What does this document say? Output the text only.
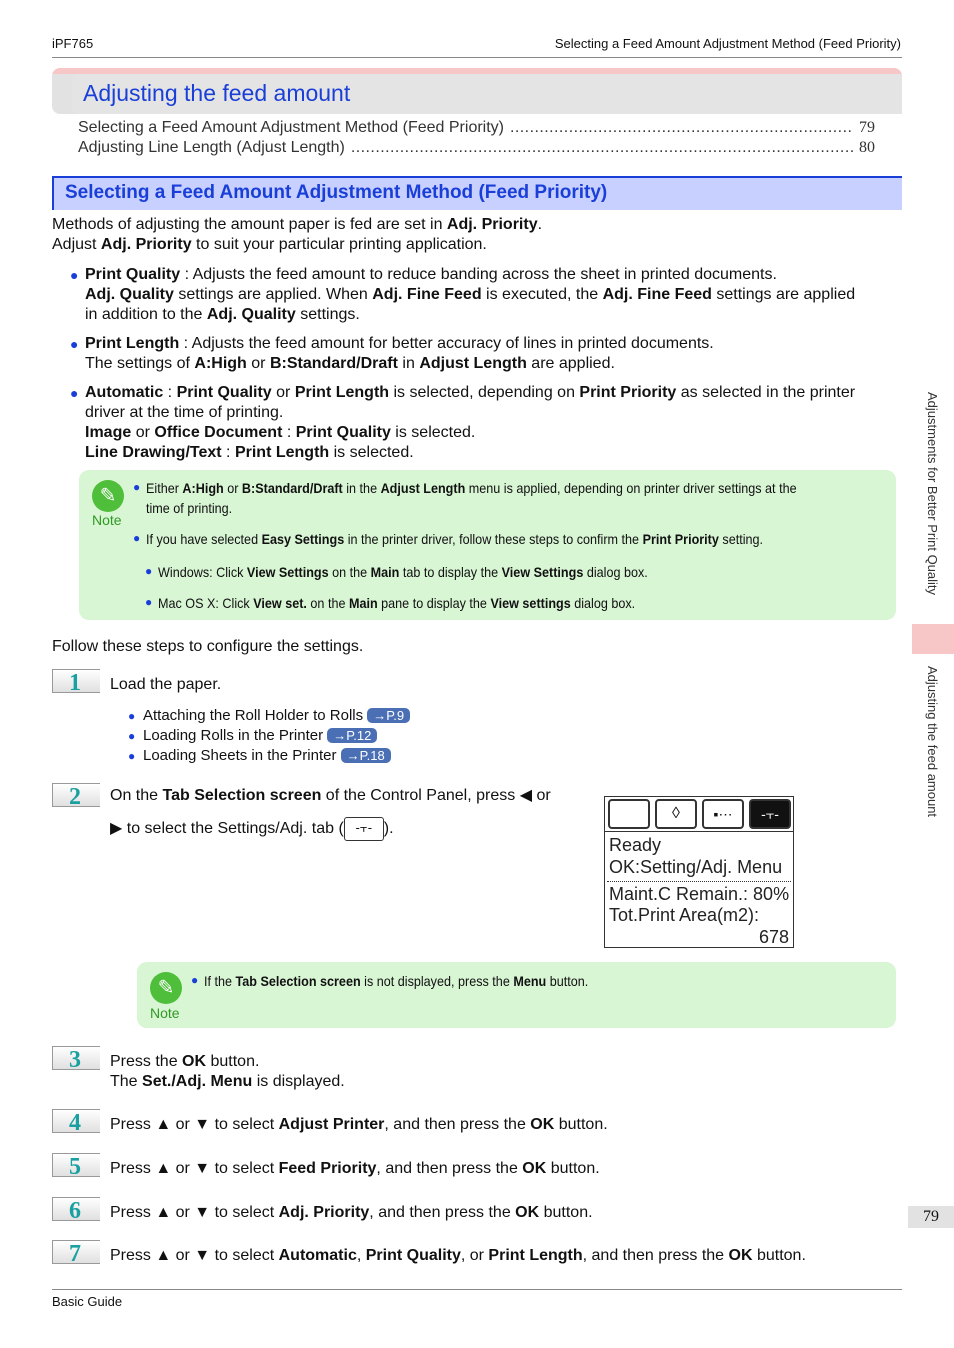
iPF765	Selecting a Feed Amount Adjustment Method (Feed Priority)
Adjusting the feed amount
Selecting a Feed Amount Adjustment Method (Feed Priority) . . .	79
Adjusting Line Length (Adjust Length) . . .	80
Selecting a Feed Amount Adjustment Method (Feed Priority)
Methods of adjusting the amount paper is fed are set in Adj. Priority.
Adjust Adj. Priority to suit your particular printing application.
● Print Quality : Adjusts the feed amount to reduce banding across the sheet in printed documents.
Adj. Quality settings are applied. When Adj. Fine Feed is executed, the Adj. Fine Feed settings are applied
in addition to the Adj. Quality settings.
● Print Length : Adjusts the feed amount for better accuracy of lines in printed documents.
The settings of A:High or B:Standard/Draft in Adjust Length are applied.
● Automatic : Print Quality or Print Length is selected, depending on Print Priority as selected in the printer
driver at the time of printing.
Image or Office Document : Print Quality is selected.
Line Drawing/Text : Print Length is selected.
✎
Note
● Either A:High or B:Standard/Draft in the Adjust Length menu is applied, depending on printer driver settings at the
time of printing.
● If you have selected Easy Settings in the printer driver, follow these steps to confirm the Print Priority setting.
● Windows: Click View Settings on the Main tab to display the View Settings dialog box.
● Mac OS X: Click View set. on the Main pane to display the View settings dialog box.
Follow these steps to configure the settings.
1	Load the paper.
● Attaching the Roll Holder to Rolls →P.9
● Loading Rolls in the Printer →P.12
● Loading Sheets in the Printer →P.18
2	On the Tab Selection screen of the Control Panel, press ◀ or
▶ to select the Settings/Adj. tab ( -⫟- ).
◊	▪⋯	-⫟-
Ready
OK:Setting/Adj. Menu
Maint.C Remain.: 80%
Tot.Print Area(m2):
678
✎
Note
● If the Tab Selection screen is not displayed, press the Menu button.
3	Press the OK button.
The Set./Adj. Menu is displayed.
4	Press ▲ or ▼ to select Adjust Printer, and then press the OK button.
5	Press ▲ or ▼ to select Feed Priority, and then press the OK button.
6	Press ▲ or ▼ to select Adj. Priority, and then press the OK button.
7	Press ▲ or ▼ to select Automatic, Print Quality, or Print Length, and then press the OK button.
Adjustments for Better Print Quality
Adjusting the feed amount
79
Basic Guide
